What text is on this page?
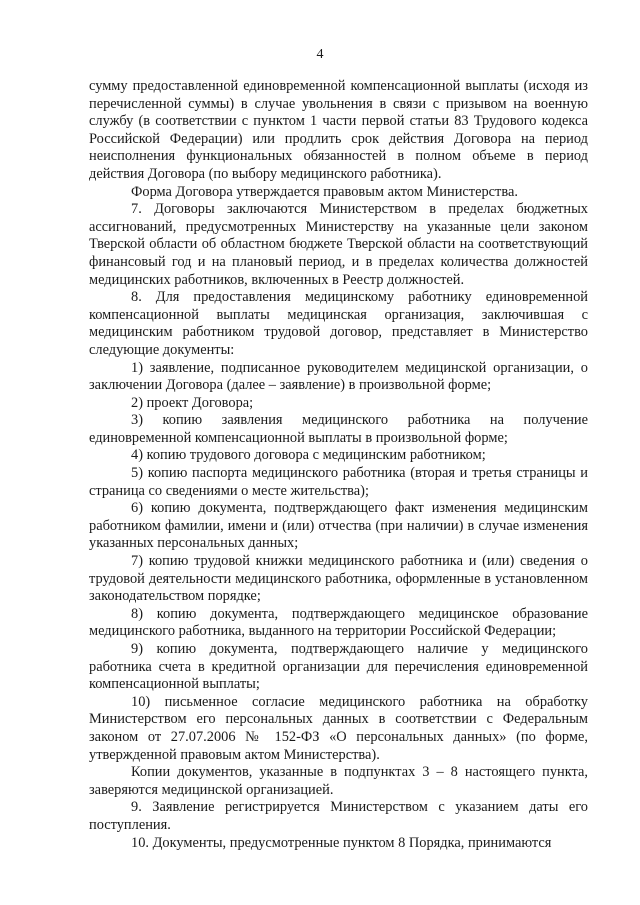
4

сумму предоставленной единовременной компенсационной выплаты (исходя из перечисленной суммы) в случае увольнения в связи с призывом на военную службу (в соответствии с пунктом 1 части первой статьи 83 Трудового кодекса Российской Федерации) или продлить срок действия Договора на период неисполнения функциональных обязанностей в полном объеме в период действия Договора (по выбору медицинского работника).

Форма Договора утверждается правовым актом Министерства.

7. Договоры заключаются Министерством в пределах бюджетных ассигнований, предусмотренных Министерству на указанные цели законом Тверской области об областном бюджете Тверской области на соответствующий финансовый год и на плановый период, и в пределах количества должностей медицинских работников, включенных в Реестр должностей.

8. Для предоставления медицинскому работнику единовременной компенсационной выплаты медицинская организация, заключившая с медицинским работником трудовой договор, представляет в Министерство следующие документы:

1) заявление, подписанное руководителем медицинской организации, о заключении Договора (далее – заявление) в произвольной форме;

2) проект Договора;

3) копию заявления медицинского работника на получение единовременной компенсационной выплаты в произвольной форме;

4) копию трудового договора с медицинским работником;

5) копию паспорта медицинского работника (вторая и третья страницы и страница со сведениями о месте жительства);

6) копию документа, подтверждающего факт изменения медицинским работником фамилии, имени и (или) отчества (при наличии) в случае изменения указанных персональных данных;

7) копию трудовой книжки медицинского работника и (или) сведения о трудовой деятельности медицинского работника, оформленные в установленном законодательством порядке;

8) копию документа, подтверждающего медицинское образование медицинского работника, выданного на территории Российской Федерации;

9) копию документа, подтверждающего наличие у медицинского работника счета в кредитной организации для перечисления единовременной компенсационной выплаты;

10) письменное согласие медицинского работника на обработку Министерством его персональных данных в соответствии с Федеральным законом от 27.07.2006 № 152-ФЗ «О персональных данных» (по форме, утвержденной правовым актом Министерства).

Копии документов, указанные в подпунктах 3 – 8 настоящего пункта, заверяются медицинской организацией.

9. Заявление регистрируется Министерством с указанием даты его поступления.

10. Документы, предусмотренные пунктом 8 Порядка, принимаются
